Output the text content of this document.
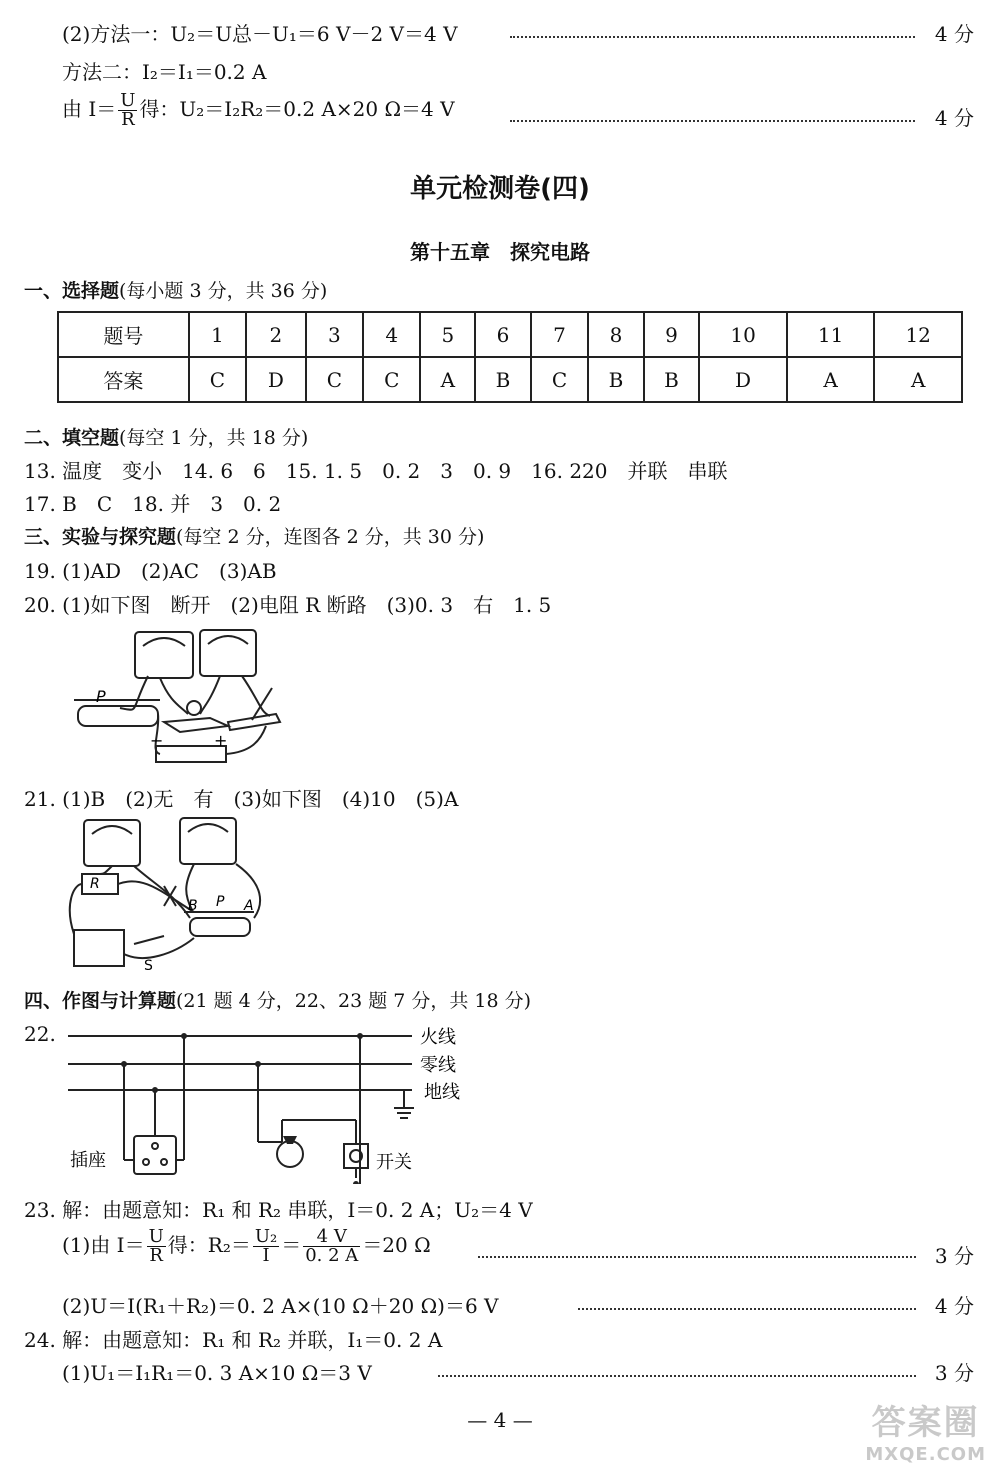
(2)方法一：U₂＝U总－U₁＝6 V－2 V＝4 V	4 分
方法二：I₂＝I₁＝0.2 A
由 $I= \frac{U}{R}$ 得：U₂＝I₂R₂＝0.2 A×20 Ω＝4 V	4 分
单元检测卷(四)
第十五章　探究电路
一、选择题(每小题 3 分，共 36 分)
题号	1	2	3	4	5	6	7	8	9	10	11	12
答案	C	D	C	C	A	B	C	B	B	D	A	A
二、填空题(每空 1 分，共 18 分)
13. 温度　变小　14. 6　6　15. 1. 5　0. 2　3　0. 9　16. 220　并联　串联
17. B　C　18. 并　3　0. 2
三、实验与探究题(每空 2 分，连图各 2 分，共 30 分)
19. (1)AD　(2)AC　(3)AB
20. (1)如下图　断开　(2)电阻 R 断路　(3)0. 3　右　1. 5
P
−	+
21. (1)B　(2)无　有　(3)如下图　(4)10　(5)A
R
B P A
S
四、作图与计算题(21 题 4 分，22、23 题 7 分，共 18 分)
22.	火线
零线
地线
插座	开关
23. 解：由题意知：R₁ 和 R₂ 串联，I＝0. 2 A；U₂＝4 V
(1)由 $I= \frac{U}{R}$ 得：$R_2= \frac{\text{U₂}}{I} = \frac{4 V}{0. 2 A} =20$ Ω	3 分
(2)U＝I(R₁＋R₂)＝0. 2 A×(10 Ω＋20 Ω)＝6 V	4 分
24. 解：由题意知：R₁ 和 R₂ 并联，I₁＝0. 2 A
(1)U₁＝I₁R₁＝0. 3 A×10 Ω＝3 V	3 分
— 4 —	答案圈
MXQE.COM
